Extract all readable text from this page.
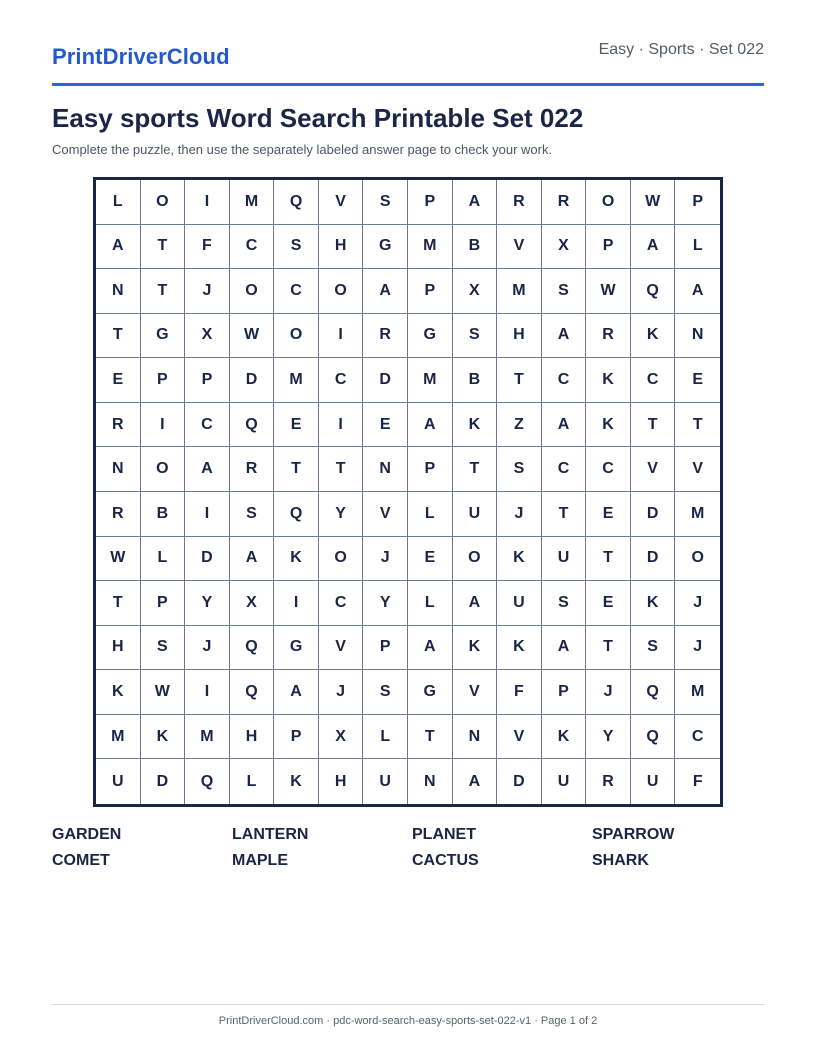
PrintDriverCloud	Easy · Sports · Set 022
Easy sports Word Search Printable Set 022
Complete the puzzle, then use the separately labeled answer page to check your work.
L	O	I	M	Q	V	S	P	A	R	R	O	W	P
A	T	F	C	S	H	G	M	B	V	X	P	A	L
N	T	J	O	C	O	A	P	X	M	S	W	Q	A
T	G	X	W	O	I	R	G	S	H	A	R	K	N
E	P	P	D	M	C	D	M	B	T	C	K	C	E
R	I	C	Q	E	I	E	A	K	Z	A	K	T	T
N	O	A	R	T	T	N	P	T	S	C	C	V	V
R	B	I	S	Q	Y	V	L	U	J	T	E	D	M
W	L	D	A	K	O	J	E	O	K	U	T	D	O
T	P	Y	X	I	C	Y	L	A	U	S	E	K	J
H	S	J	Q	G	V	P	A	K	K	A	T	S	J
K	W	I	Q	A	J	S	G	V	F	P	J	Q	M
M	K	M	H	P	X	L	T	N	V	K	Y	Q	C
U	D	Q	L	K	H	U	N	A	D	U	R	U	F
GARDEN	LANTERN	PLANET	SPARROW
COMET	MAPLE	CACTUS	SHARK
PrintDriverCloud.com · pdc-word-search-easy-sports-set-022-v1 · Page 1 of 2
